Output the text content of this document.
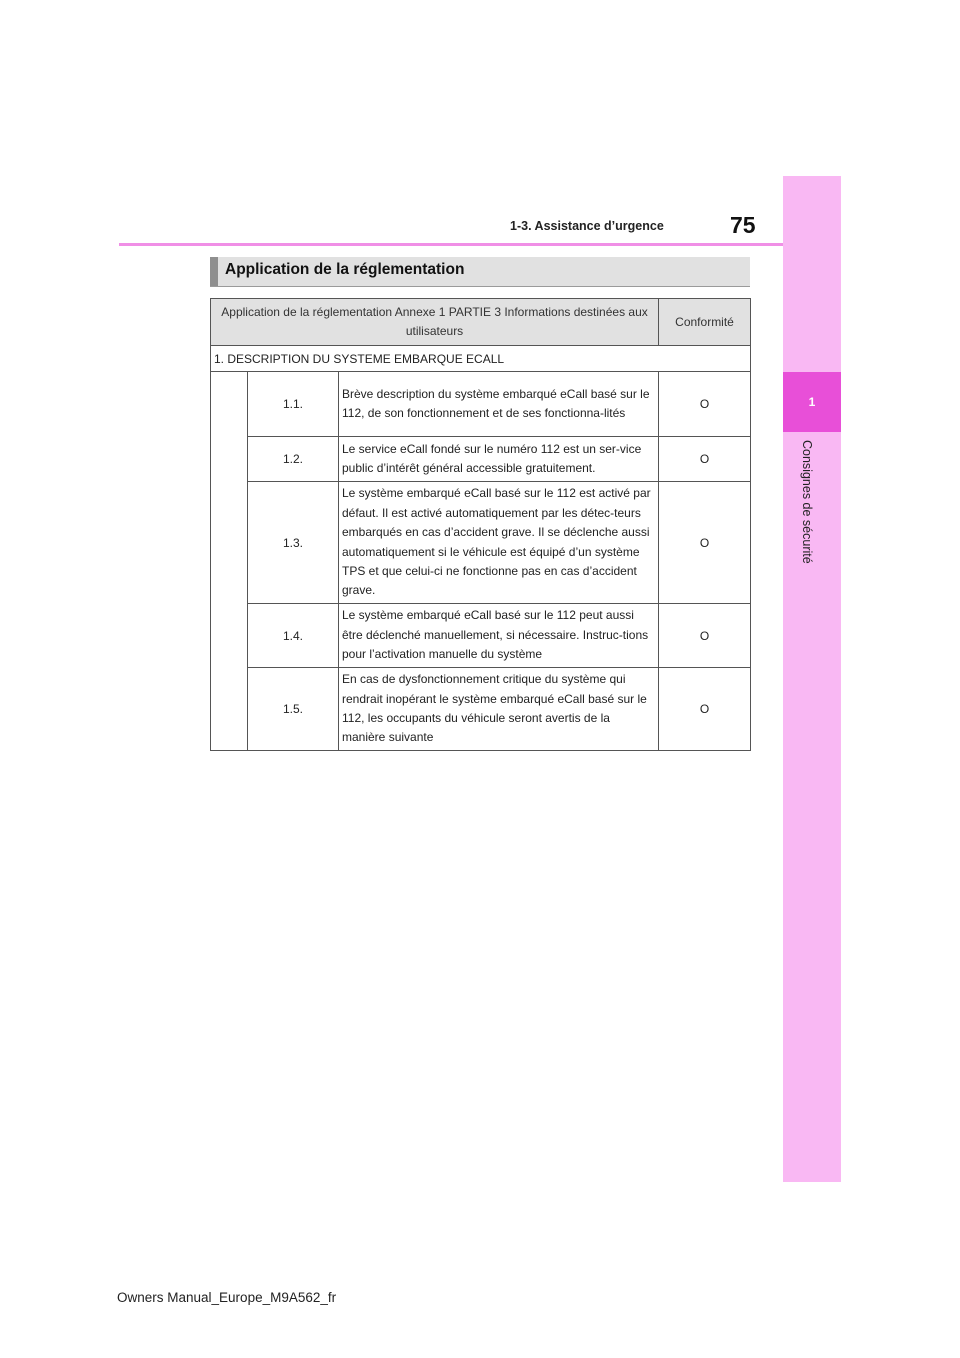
1
Consignes de sécurité
1-3. Assistance d’urgence	75
Application de la réglementation
Application de la réglementation Annexe 1 PARTIE 3 Informations destinées aux utilisateurs			Conformité
1. DESCRIPTION DU SYSTEME EMBARQUE ECALL			
	1.1.	Brève description du système embarqué eCall basé sur le 112, de son fonctionnement et de ses fonctionna-lités	O
	1.2.	Le service eCall fondé sur le numéro 112 est un ser-vice public d’intérêt général accessible gratuitement.	O
	1.3.	Le système embarqué eCall basé sur le 112 est activé par défaut. Il est activé automatiquement par les détec-teurs embarqués en cas d’accident grave. Il se déclenche aussi automatiquement si le véhicule est équipé d’un système TPS et que celui-ci ne fonctionne pas en cas d’accident grave.	O
	1.4.	Le système embarqué eCall basé sur le 112 peut aussi être déclenché manuellement, si nécessaire. Instruc-tions pour l’activation manuelle du système	O
	1.5.	En cas de dysfonctionnement critique du système qui rendrait inopérant le système embarqué eCall basé sur le 112, les occupants du véhicule seront avertis de la manière suivante	O
Owners Manual_Europe_M9A562_fr
